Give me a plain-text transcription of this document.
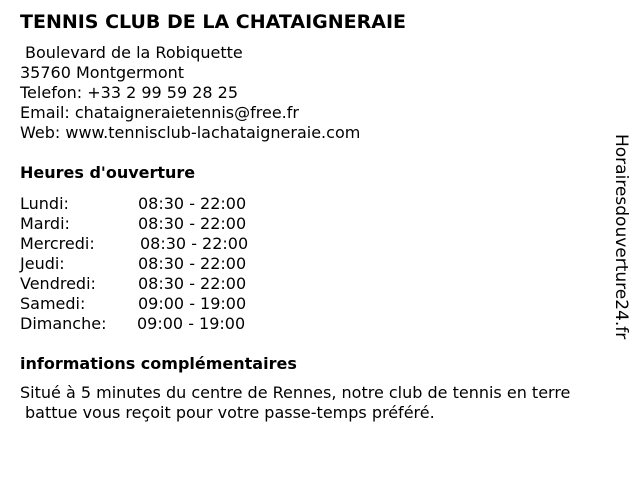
TENNIS CLUB DE LA CHATAIGNERAIE
Boulevard de la Robiquette
35760 Montgermont
Telefon: +33 2 99 59 28 25
Email: chataigneraietennis@free.fr
Web: www.tennisclub-lachataigneraie.com
Heures d'ouverture
Lundi:	08:30 - 22:00
Mardi:	08:30 - 22:00
Mercredi:	08:30 - 22:00
Jeudi:	08:30 - 22:00
Vendredi:	08:30 - 22:00
Samedi:	09:00 - 19:00
Dimanche: 09:00 - 19:00
informations complémentaires
Situé à 5 minutes du centre de Rennes, notre club de tennis en terre
battue vous reçoit pour votre passe-temps préféré.
Horairesdouverture24.fr
